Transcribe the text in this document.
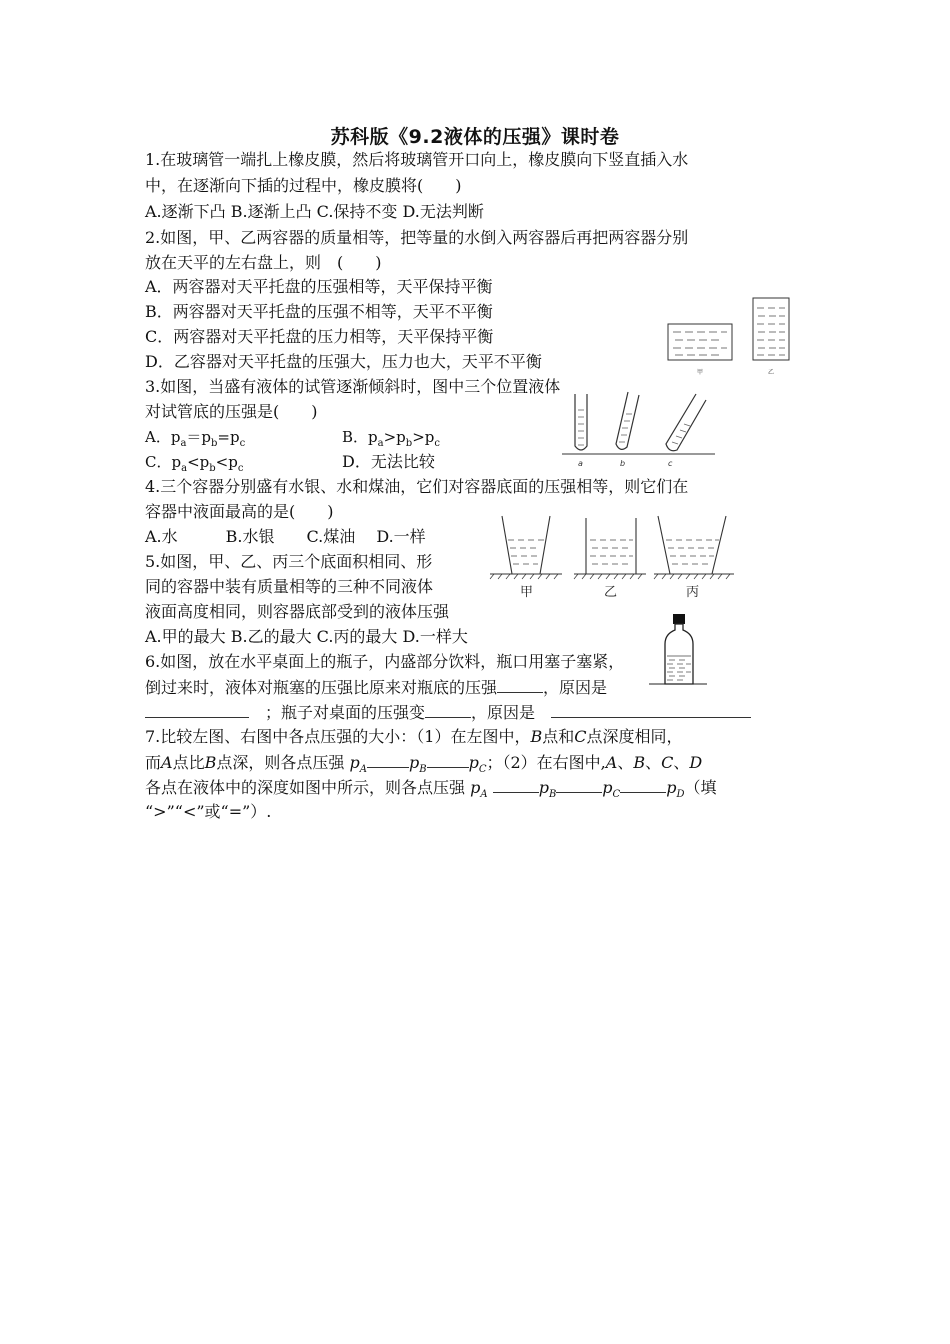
苏科版《9.2液体的压强》课时卷
1.在玻璃管一端扎上橡皮膜，然后将玻璃管开口向上，橡皮膜向下竖直插入水
中，在逐渐向下插的过程中，橡皮膜将(　　)
A.逐渐下凸 B.逐渐上凸 C.保持不变 D.无法判断
2.如图，甲、乙两容器的质量相等，把等量的水倒入两容器后再把两容器分别
放在天平的左右盘上，则　(　　)
A．两容器对天平托盘的压强相等，天平保持平衡
B．两容器对天平托盘的压强不相等，天平不平衡
C．两容器对天平托盘的压力相等，天平保持平衡
D．乙容器对天平托盘的压强大，压力也大，天平不平衡
甲	乙
3.如图，当盛有液体的试管逐渐倾斜时，图中三个位置液体
对试管底的压强是(　　)
A．$p_a=p_b=p_c$	B．$p_a>p_b>p_c$
C．$p_a<p_b<p_c$	D．无法比较	a	b	c
4.三个容器分别盛有水银、水和煤油，它们对容器底面的压强相等，则它们在
容器中液面最高的是(　　)
A.水　　　B.水银　　C.煤油　 D.一样
5.如图，甲、乙、丙三个底面积相同、形
同的容器中装有质量相等的三种不同液体
液面高度相同，则容器底部受到的液体压强
A.甲的最大 B.乙的最大 C.丙的最大 D.一样大
甲	乙	丙
6.如图，放在水平桌面上的瓶子，内盛部分饮料，瓶口用塞子塞紧，
倒过来时，液体对瓶塞的压强比原来对瓶底的压强	，原因是
　；瓶子对桌面的压强变	，原因是　
7.比较左图、右图中各点压强的大小：（1）在左图中，B点和C点深度相同，
而A点比B点深，则各点压强 $p_A$	$p_B$	$p_C$；（2）在右图中,A、B、C、D
各点在液体中的深度如图中所示，则各点压强 $p_A$	$p_B$	$p_C$	$p_D$（填
“>”“<”或“=”）.
